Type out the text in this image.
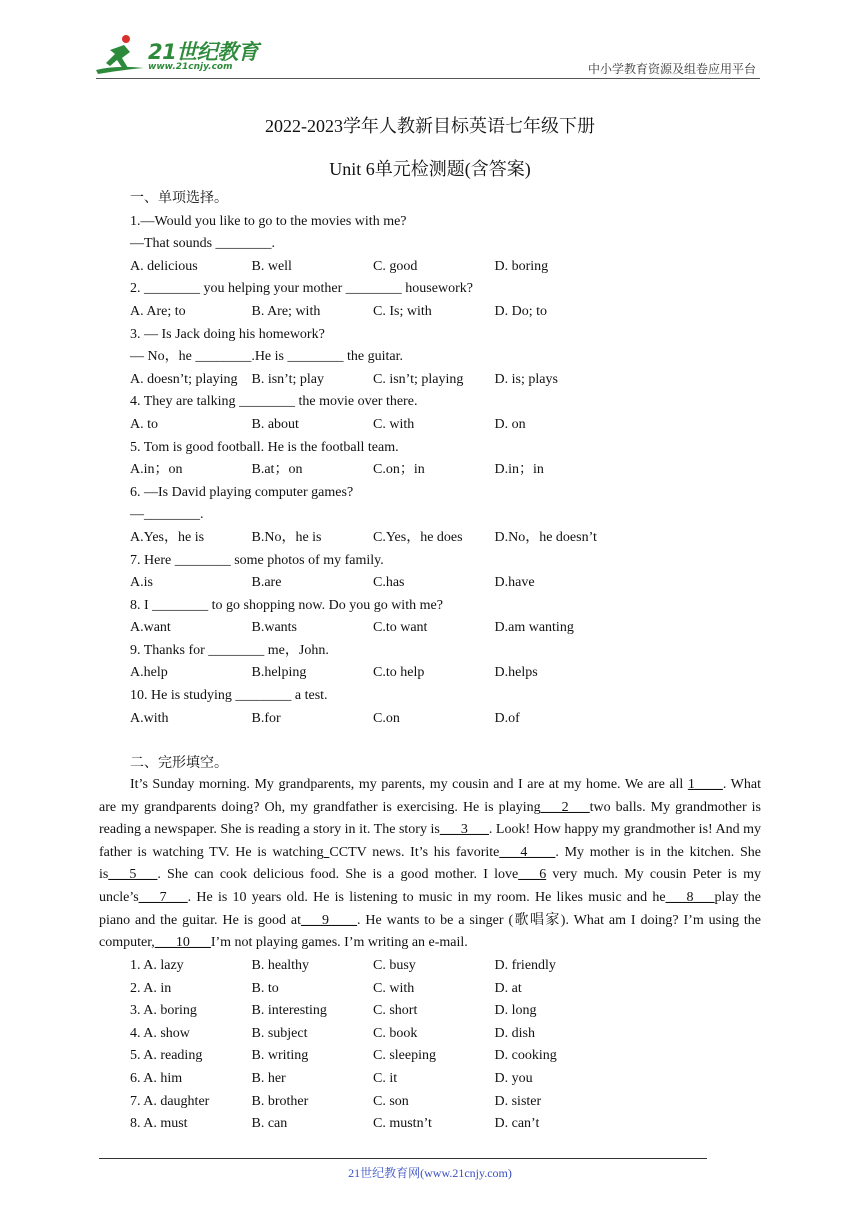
21世纪教育
www.21cnjy.com	中小学教育资源及组卷应用平台
2022-2023学年人教新目标英语七年级下册
Unit 6单元检测题(含答案)
一、单项选择。
1.—Would you like to go to the movies with me?
—That sounds ________.
A. delicious	B. well	C. good	D. boring
2. ________ you helping your mother ________ housework?
A. Are; to	B. Are; with	C. Is; with	D. Do; to
3. — Is Jack doing his homework?
— No，he ________.He is ________ the guitar.
A. doesn’t; playing	B. isn’t; play	C. isn’t; playing	D. is; plays
4. They are talking ________ the movie over there.
A. to	B. about	C. with	D. on
5. Tom is good football. He is the football team.
A.in；on	B.at；on	C.on；in	D.in；in
6. —Is David playing computer games?
—________.
A.Yes，he is	B.No，he is	C.Yes，he does	D.No，he doesn’t
7. Here ________ some photos of my family.
A.is	B.are	C.has	D.have
8. I ________ to go shopping now. Do you go with me?
A.want	B.wants	C.to want	D.am wanting
9. Thanks for ________ me，John.
A.help	B.helping	C.to help	D.helps
10. He is studying ________ a test.
A.with	B.for	C.on	D.of
二、完形填空。

It’s Sunday morning. My grandparents, my parents, my cousin and I are at my home. We are all 1____. What are my grandparents doing? Oh, my grandfather is exercising. He is playing___2___two balls. My grandmother is reading a newspaper. She is reading a story in it. The story is___3___. Look! How happy my grandmother is! And my father is watching TV. He is watching CCTV news. It’s his favorite___4____. My mother is in the kitchen. She is___5___. She can cook delicious food. She is a good mother. I love___6 very much. My cousin Peter is my uncle’s___7___. He is 10 years old. He is listening to music in my room. He likes music and he___8___play the piano and the guitar. He is good at___9____. He wants to be a singer (歌唱家). What am I doing? I’m using the computer,___10___I’m not playing games. I’m writing an e-mail.

1. A. lazy	B. healthy	C. busy	D. friendly
2. A. in	B. to	C. with	D. at
3. A. boring	B. interesting	C. short	D. long
4. A. show	B. subject	C. book	D. dish
5. A. reading	B. writing	C. sleeping	D. cooking
6. A. him	B. her	C. it	D. you
7. A. daughter	B. brother	C. son	D. sister
8. A. must	B. can	C. mustn’t	D. can’t
21世纪教育网(www.21cnjy.com)
